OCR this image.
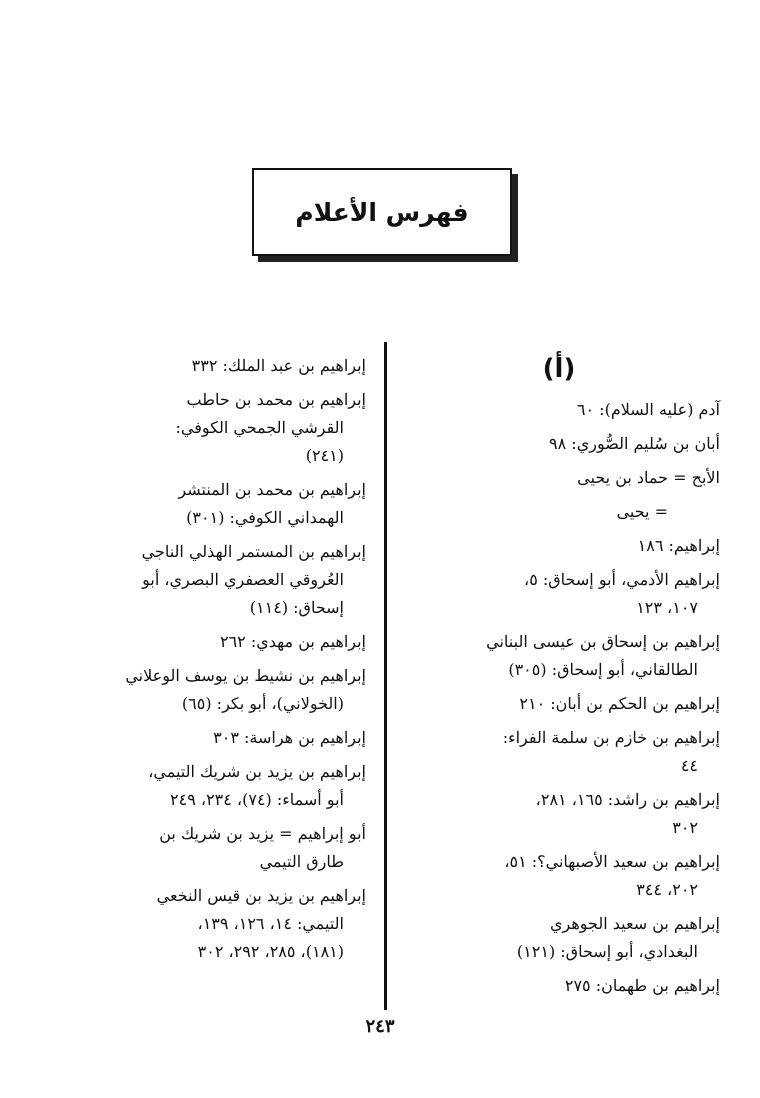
فهرس الأعلام
(أ)

آدم (عليه السلام): ٦٠

أبان بن سُليم الصُّوري: ٩٨

الأبح = حماد بن يحيى

= يحيى

إبراهيم: ١٨٦

إبراهيم الأدمي، أبو إسحاق: ٥،

١٠٧، ١٢٣

إبراهيم بن إسحاق بن عيسى البناني

الطالقاني، أبو إسحاق: (٣٠٥)

إبراهيم بن الحكم بن أبان: ٢١٠

إبراهيم بن خازم بن سلمة الفراء:

٤٤

إبراهيم بن راشد: ١٦٥، ٢٨١،

٣٠٢

إبراهيم بن سعيد الأصبهاني؟: ٥١،

٢٠٢، ٣٤٤

إبراهيم بن سعيد الجوهري

البغدادي، أبو إسحاق: (١٢١)

إبراهيم بن طهمان: ٢٧٥

إبراهيم بن عبد الملك: ٣٣٢

إبراهيم بن محمد بن حاطب

القرشي الجمحي الكوفي:

(٢٤١)

إبراهيم بن محمد بن المنتشر

الهمداني الكوفي: (٣٠١)

إبراهيم بن المستمر الهذلي الناجي

العُروقي العصفري البصري، أبو

إسحاق: (١١٤)

إبراهيم بن مهدي: ٢٦٢

إبراهيم بن نشيط بن يوسف الوعلاني

(الخولاني)، أبو بكر: (٦٥)

إبراهيم بن هراسة: ٣٠٣

إبراهيم بن يزيد بن شريك التيمي،

أبو أسماء: (٧٤)، ٢٣٤، ٢٤٩

أبو إبراهيم = يزيد بن شريك بن

طارق التيمي

إبراهيم بن يزيد بن قيس النخعي

التيمي: ١٤، ١٢٦، ١٣٩،

(١٨١)، ٢٨٥، ٢٩٢، ٣٠٢

٢٤٣
